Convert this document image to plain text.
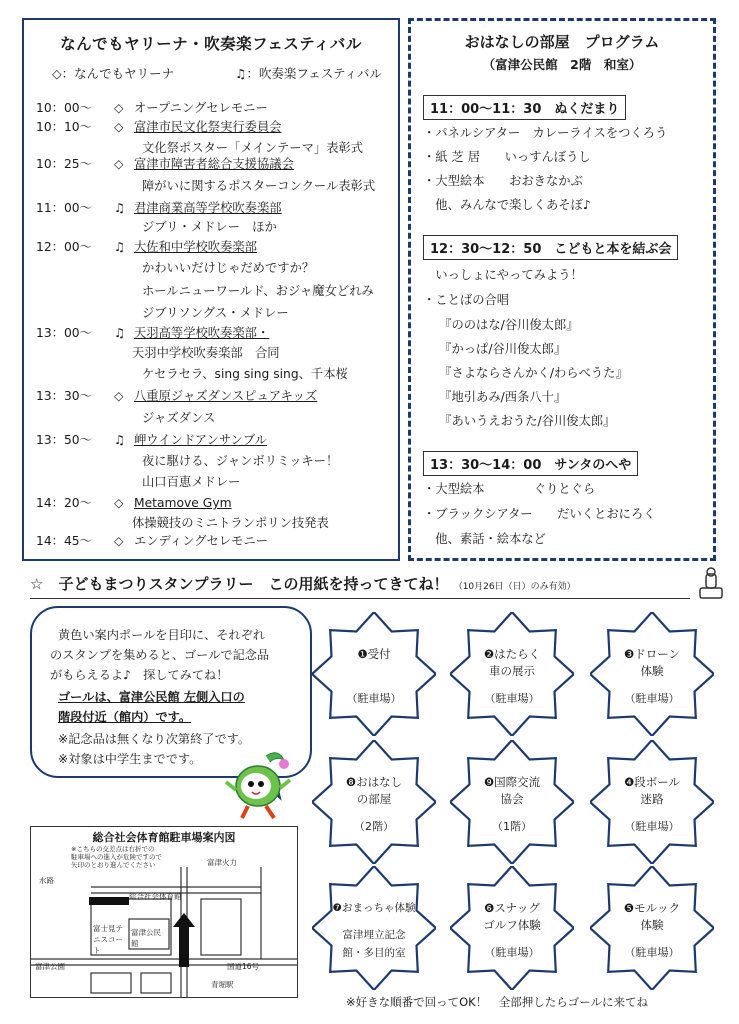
なんでもヤリーナ・吹奏楽フェスティバル
◇：なんでもヤリーナ	♫：吹奏楽フェスティバル
10：00～ ◇ オープニングセレモニー
10：10～ ◇ 富津市民文化祭実行委員会
10：25～ ◇ 富津市障害者総合支援協議会
11：00～ ♫ 君津商業高等学校吹奏楽部
12：00～ ♫ 大佐和中学校吹奏楽部
13：00～ ♫ 天羽高等学校吹奏楽部・
13：30～ ◇ 八重原ジャズダンスピュアキッズ
13：50～ ♫ 岬ウインドアンサンブル
14：20～ ◇ Metamove Gym
14：45～ ◇ エンディングセレモニー
文化祭ポスター「メインテーマ」表彰式
障がいに関するポスターコンクール表彰式
ジブリ・メドレー　ほか
かわいいだけじゃだめですか？
ホールニューワールド、おジャ魔女どれみ
ジブリソングス・メドレー
天羽中学校吹奏楽部　合同
ケセラセラ、sing sing sing、千本桜
ジャズダンス
夜に駆ける、ジャンボリミッキー！
山口百恵メドレー
体操競技のミニトランポリン技発表
おはなしの部屋　プログラム
（富津公民館　2階　和室）
11：00～11：30　ぬくだまり
・パネルシアター　カレーライスをつくろう
・紙 芝 居　　いっすんぼうし
・大型絵本　　おおきなかぶ
　他、みんなで楽しくあそぼ♪
12：30～12：50　こどもと本を結ぶ会
　いっしょにやってみよう！
・ことばの合唱
　『ののはな/谷川俊太郎』
　『かっぱ/谷川俊太郎』
　『さよならさんかく/わらべうた』
　『地引あみ/西条八十』
　『あいうえおうた/谷川俊太郎』
13：30～14：00　サンタのへや
・大型絵本　　　　ぐりとぐら
・ブラックシアター　　だいくとおにろく
　他、素話・絵本など
☆　子どもまつりスタンプラリー　この用紙を持ってきてね！ （10月26日（日）のみ有効）
黄色い案内ポールを目印に、それぞれ
のスタンプを集めると、ゴールで記念品
がもらえるよ♪　探してみてね！
ゴールは、富津公民館 左側入口の
階段付近（館内）です。
※記念品は無くなり次第終了です。
※対象は中学生までです。
総合社会体育館駐車場案内図
※こちらの交差点は右折での
駐車場への進入が危険ですので
矢印のとおり進んでください
水路
富津火力
総合社会体育館
富士見テニスコート
富津公民館
国道16号
青堀駅
富津公園
❶受付
（駐車場）
❷はたらく
車の展示
（駐車場）
❸ドローン
体験
（駐車場）
❽おはなし
の部屋
（2階）
❾国際交流
協会
（1階）
❹段ボール
迷路
（駐車場）
❼おまっちゃ体験
富津埋立記念
館・多目的室
❻スナッグ
ゴルフ体験
（駐車場）
❺モルック
体験
（駐車場）
※好きな順番で回ってOK！　全部押したらゴールに来てね
